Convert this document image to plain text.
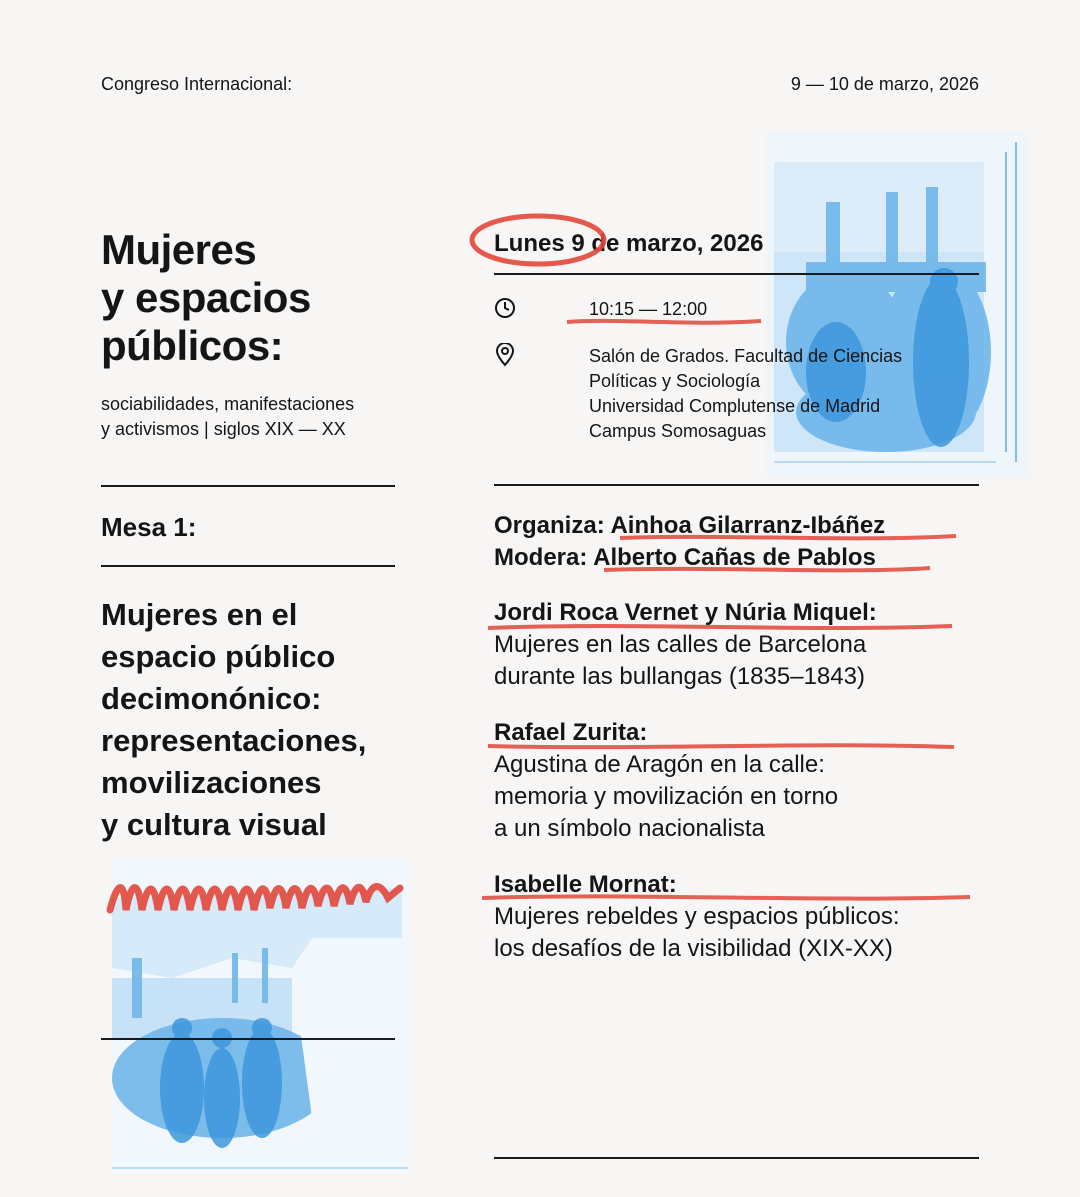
Congreso Internacional:	9 — 10 de marzo, 2026
Mujeres
y espacios
públicos:
sociabilidades, manifestaciones
y activismos | siglos XIX — XX
Mesa 1:
Mujeres en el
espacio público
decimonónico:
representaciones,
movilizaciones
y cultura visual
Lunes 9 de marzo, 2026
10:15 — 12:00
Salón de Grados. Facultad de Ciencias
Políticas y Sociología
Universidad Complutense de Madrid
Campus Somosaguas
Organiza: Ainhoa Gilarranz-Ibáñez
Modera: Alberto Cañas de Pablos
Jordi Roca Vernet y Núria Miquel:
Mujeres en las calles de Barcelona
durante las bullangas (1835–1843)
Rafael Zurita:
Agustina de Aragón en la calle:
memoria y movilización en torno
a un símbolo nacionalista
Isabelle Mornat:
Mujeres rebeldes y espacios públicos:
los desafíos de la visibilidad (XIX-XX)
